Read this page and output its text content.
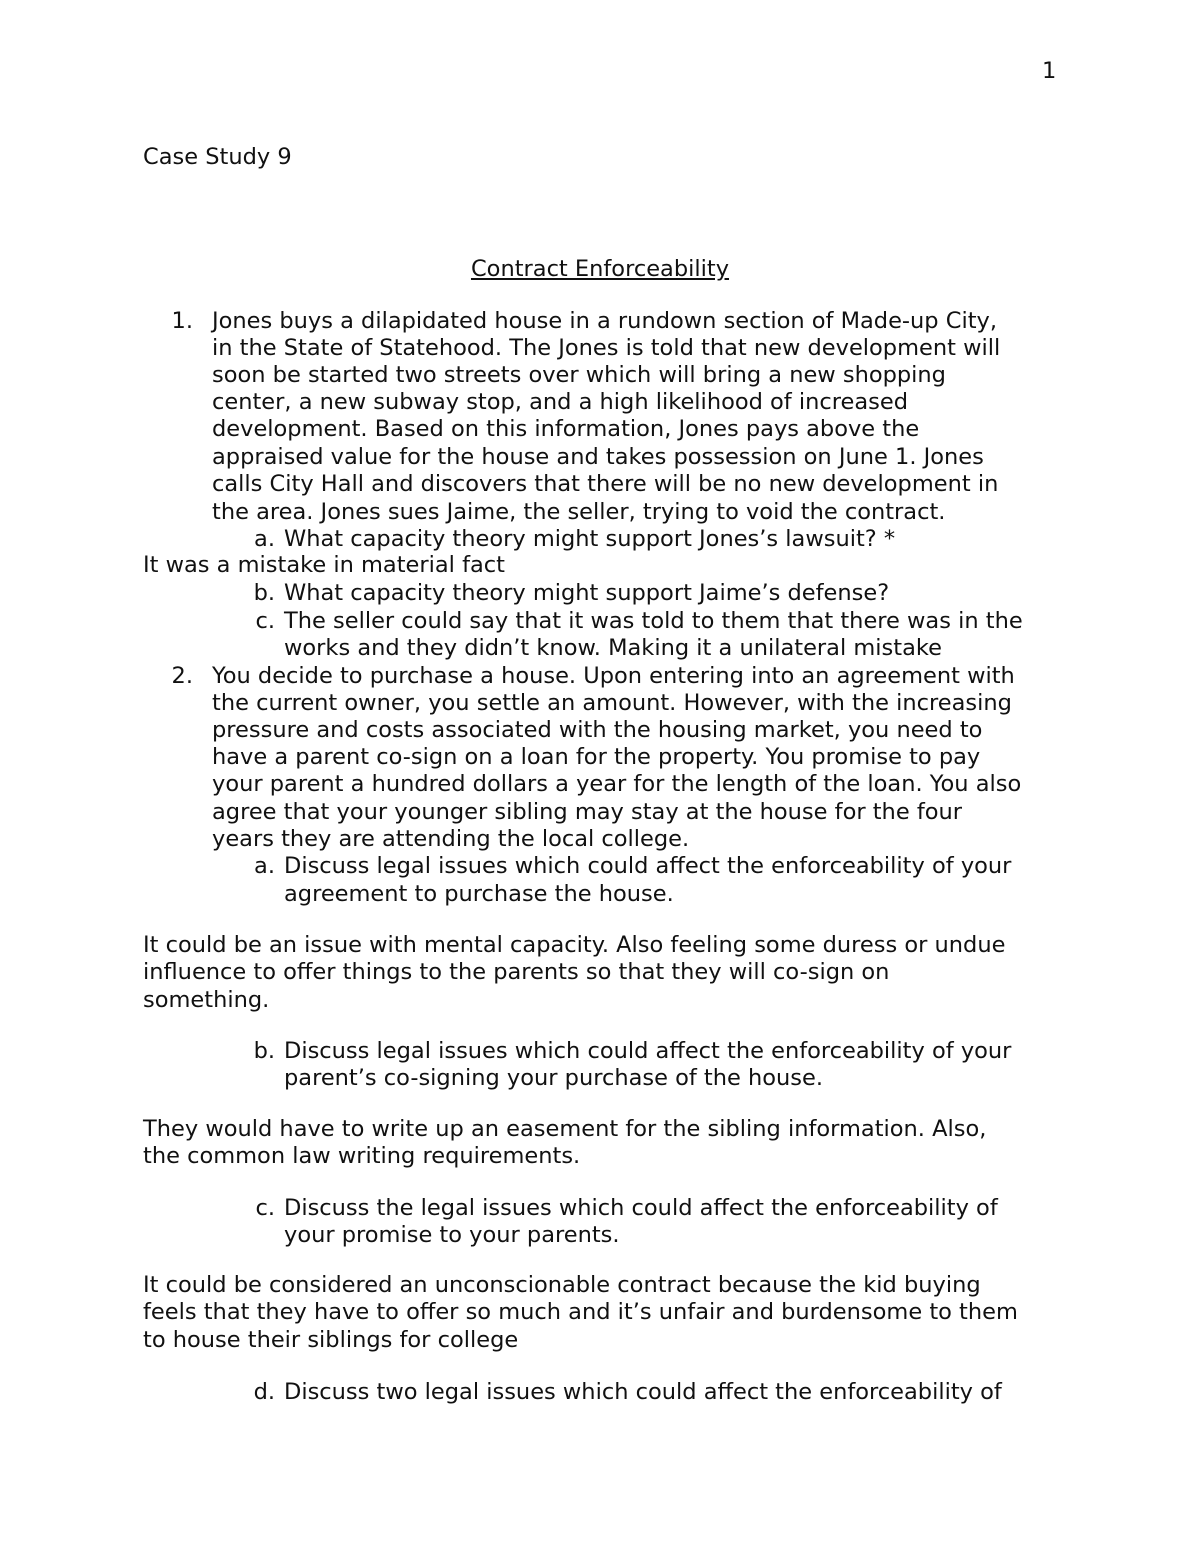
1
Case Study 9
Contract Enforceability
1. Jones buys a dilapidated house in a rundown section of Made-up City,
in the State of Statehood. The Jones is told that new development will
soon be started two streets over which will bring a new shopping
center, a new subway stop, and a high likelihood of increased
development. Based on this information, Jones pays above the
appraised value for the house and takes possession on June 1. Jones
calls City Hall and discovers that there will be no new development in
the area. Jones sues Jaime, the seller, trying to void the contract.
a. What capacity theory might support Jones’s lawsuit? *
It was a mistake in material fact
b. What capacity theory might support Jaime’s defense?
c. The seller could say that it was told to them that there was in the
works and they didn’t know. Making it a unilateral mistake
2. You decide to purchase a house. Upon entering into an agreement with
the current owner, you settle an amount. However, with the increasing
pressure and costs associated with the housing market, you need to
have a parent co-sign on a loan for the property. You promise to pay
your parent a hundred dollars a year for the length of the loan. You also
agree that your younger sibling may stay at the house for the four
years they are attending the local college.
a. Discuss legal issues which could affect the enforceability of your
agreement to purchase the house.
It could be an issue with mental capacity. Also feeling some duress or undue
influence to offer things to the parents so that they will co-sign on
something.
b. Discuss legal issues which could affect the enforceability of your
parent’s co-signing your purchase of the house.
They would have to write up an easement for the sibling information. Also,
the common law writing requirements.
c. Discuss the legal issues which could affect the enforceability of
your promise to your parents.
It could be considered an unconscionable contract because the kid buying
feels that they have to offer so much and it’s unfair and burdensome to them
to house their siblings for college
d. Discuss two legal issues which could affect the enforceability of
